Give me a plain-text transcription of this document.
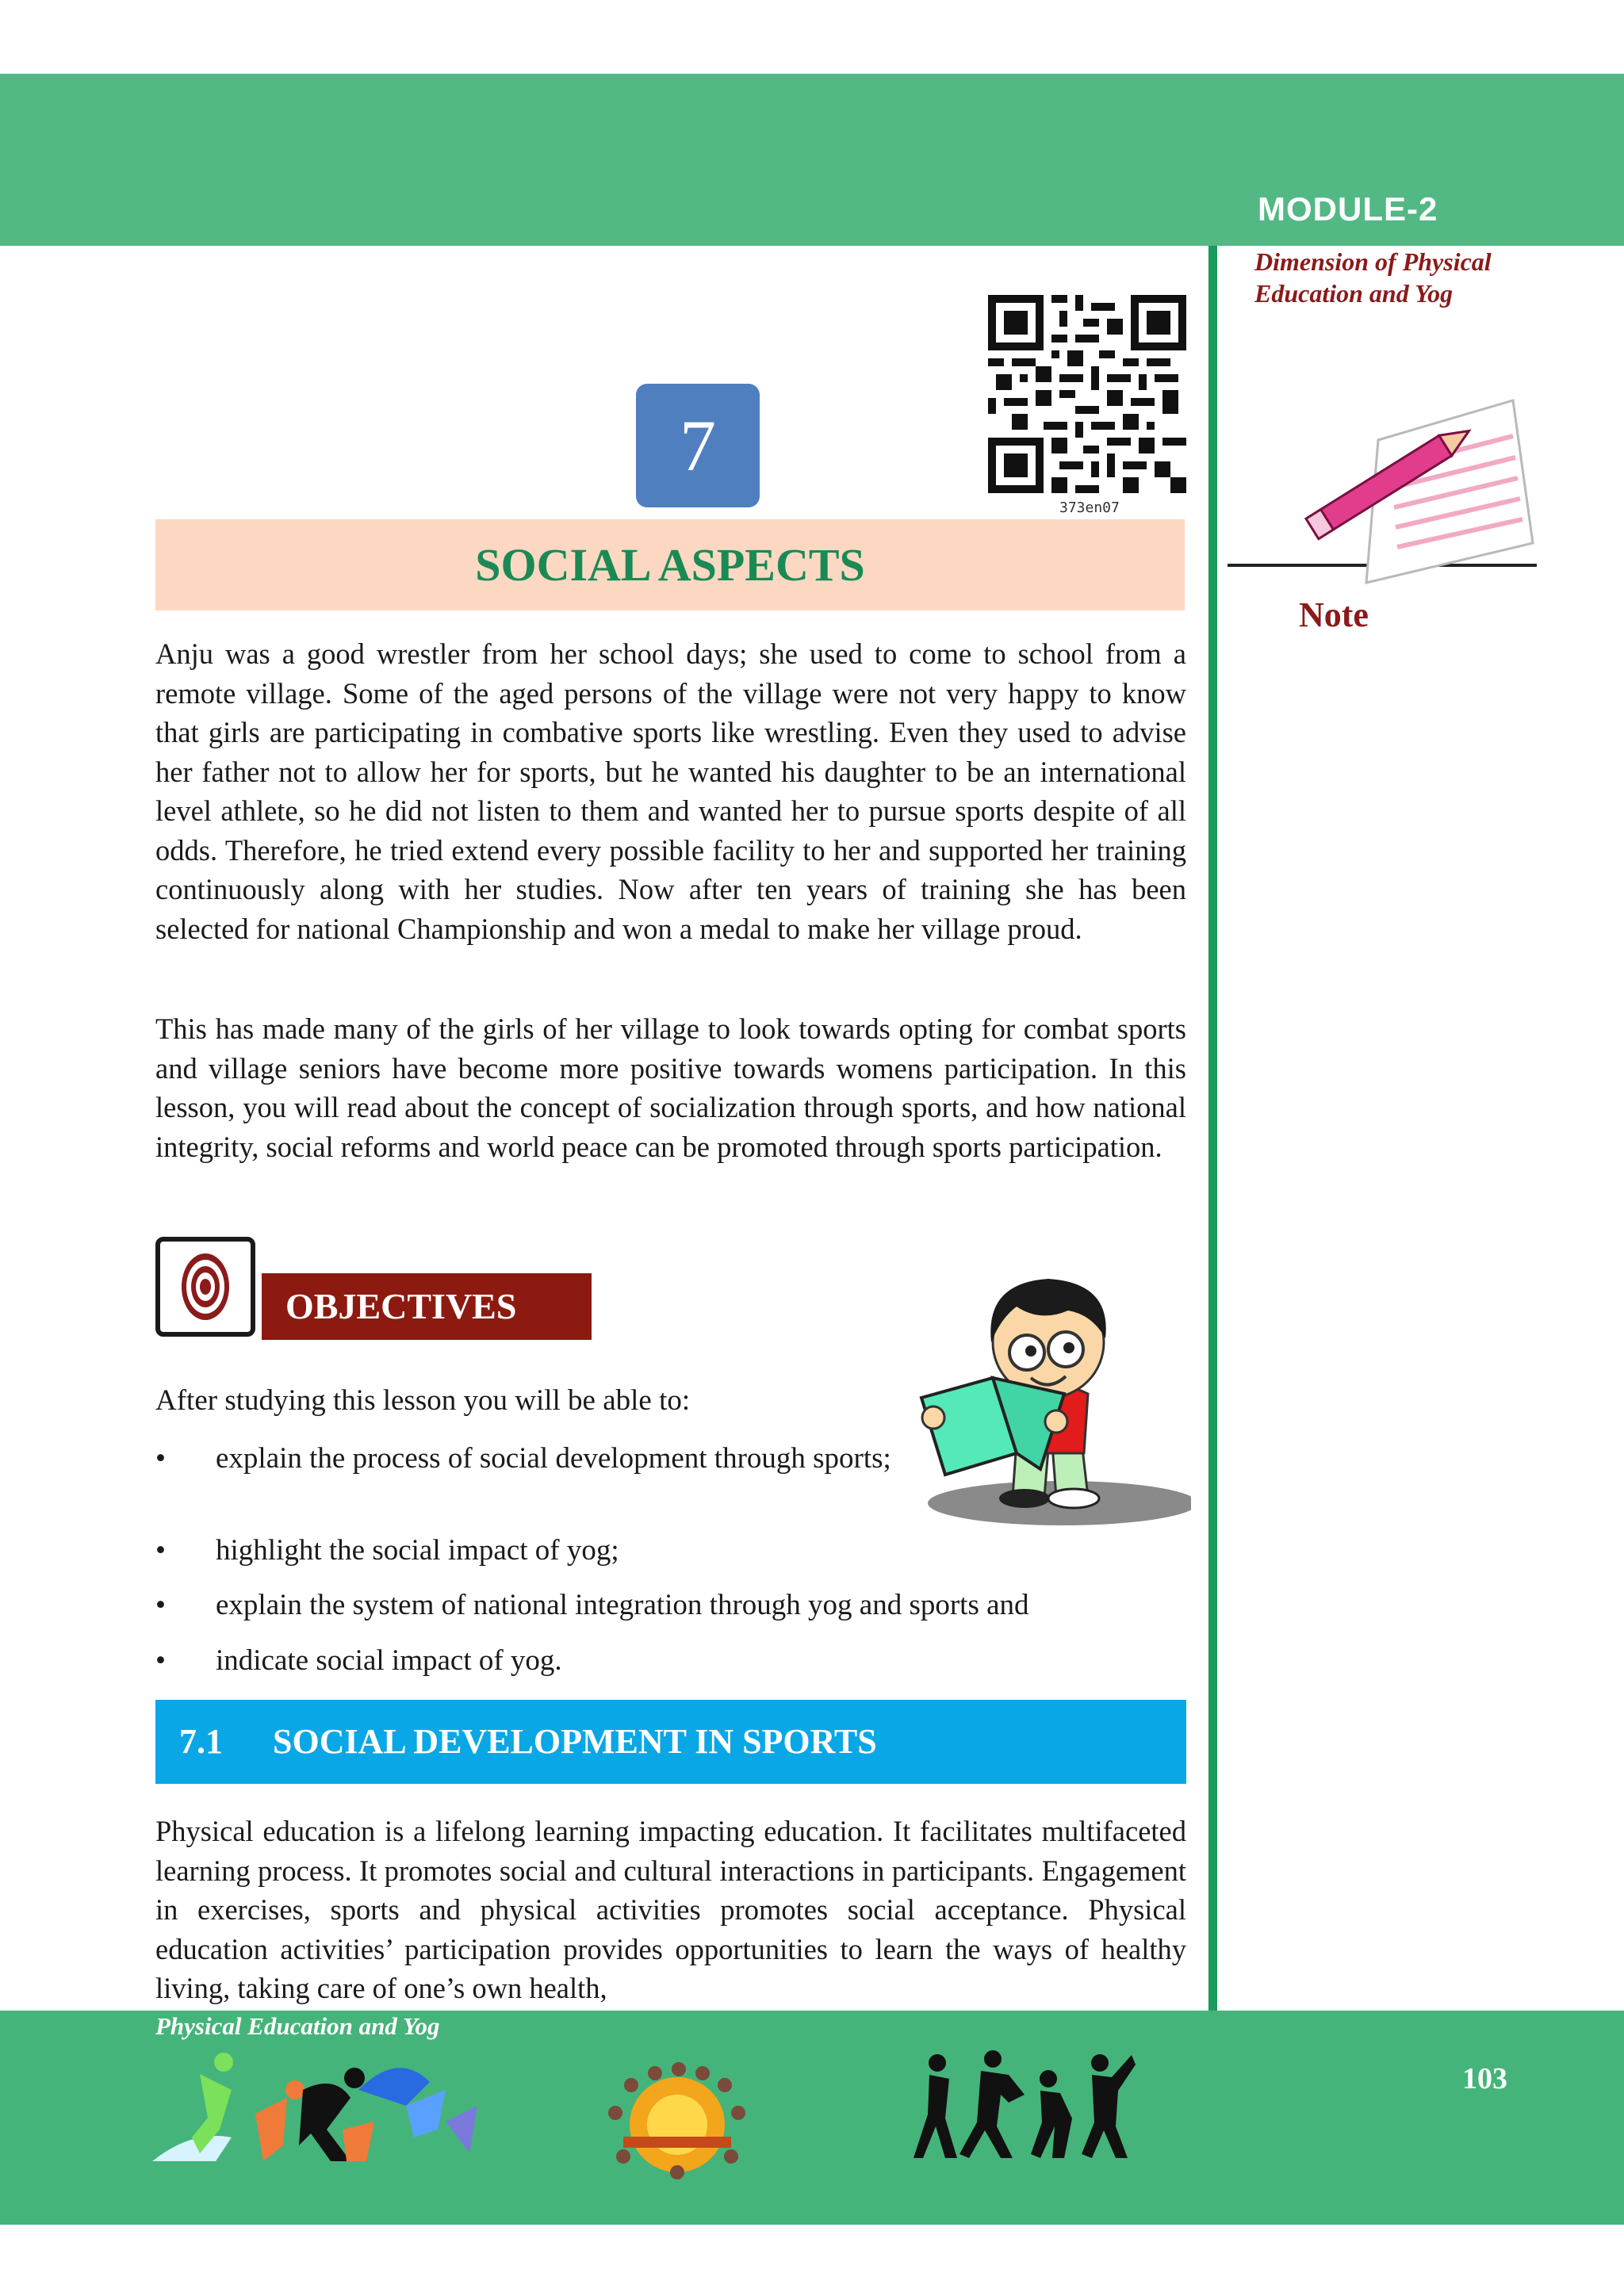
MODULE-2
Dimension of Physical Education and Yog
Note
7
373en07
SOCIAL ASPECTS

Anju was a good wrestler from her school days; she used to come to school from a remote village. Some of the aged persons of the village were not very happy to know that girls are participating in combative sports like wrestling. Even they used to advise her father not to allow her for sports, but he wanted his daughter to be an international level athlete, so he did not listen to them and wanted her to pursue sports despite of all odds. Therefore, he tried extend every possible facility to her and supported her training continuously along with her studies. Now after ten years of training she has been selected for national Championship and won a medal to make her village proud.

This has made many of the girls of her village to look towards opting for combat sports and village seniors have become more positive towards womens participation. In this lesson, you will read about the concept of socialization through sports, and how national integrity, social reforms and world peace can be promoted through sports participation.

OBJECTIVES
After studying this lesson you will be able to:
• explain the process of social development through sports;
• highlight the social impact of yog;
• explain the system of national integration through yog and sports and
• indicate social impact of yog.
7.1 SOCIAL DEVELOPMENT IN SPORTS

Physical education is a lifelong learning impacting education. It facilitates multifaceted learning process. It promotes social and cultural interactions in participants. Engagement in exercises, sports and physical activities promotes social acceptance. Physical education activities’ participation provides opportunities to learn the ways of healthy living, taking care of one’s own health,

Physical Education and Yog
103
